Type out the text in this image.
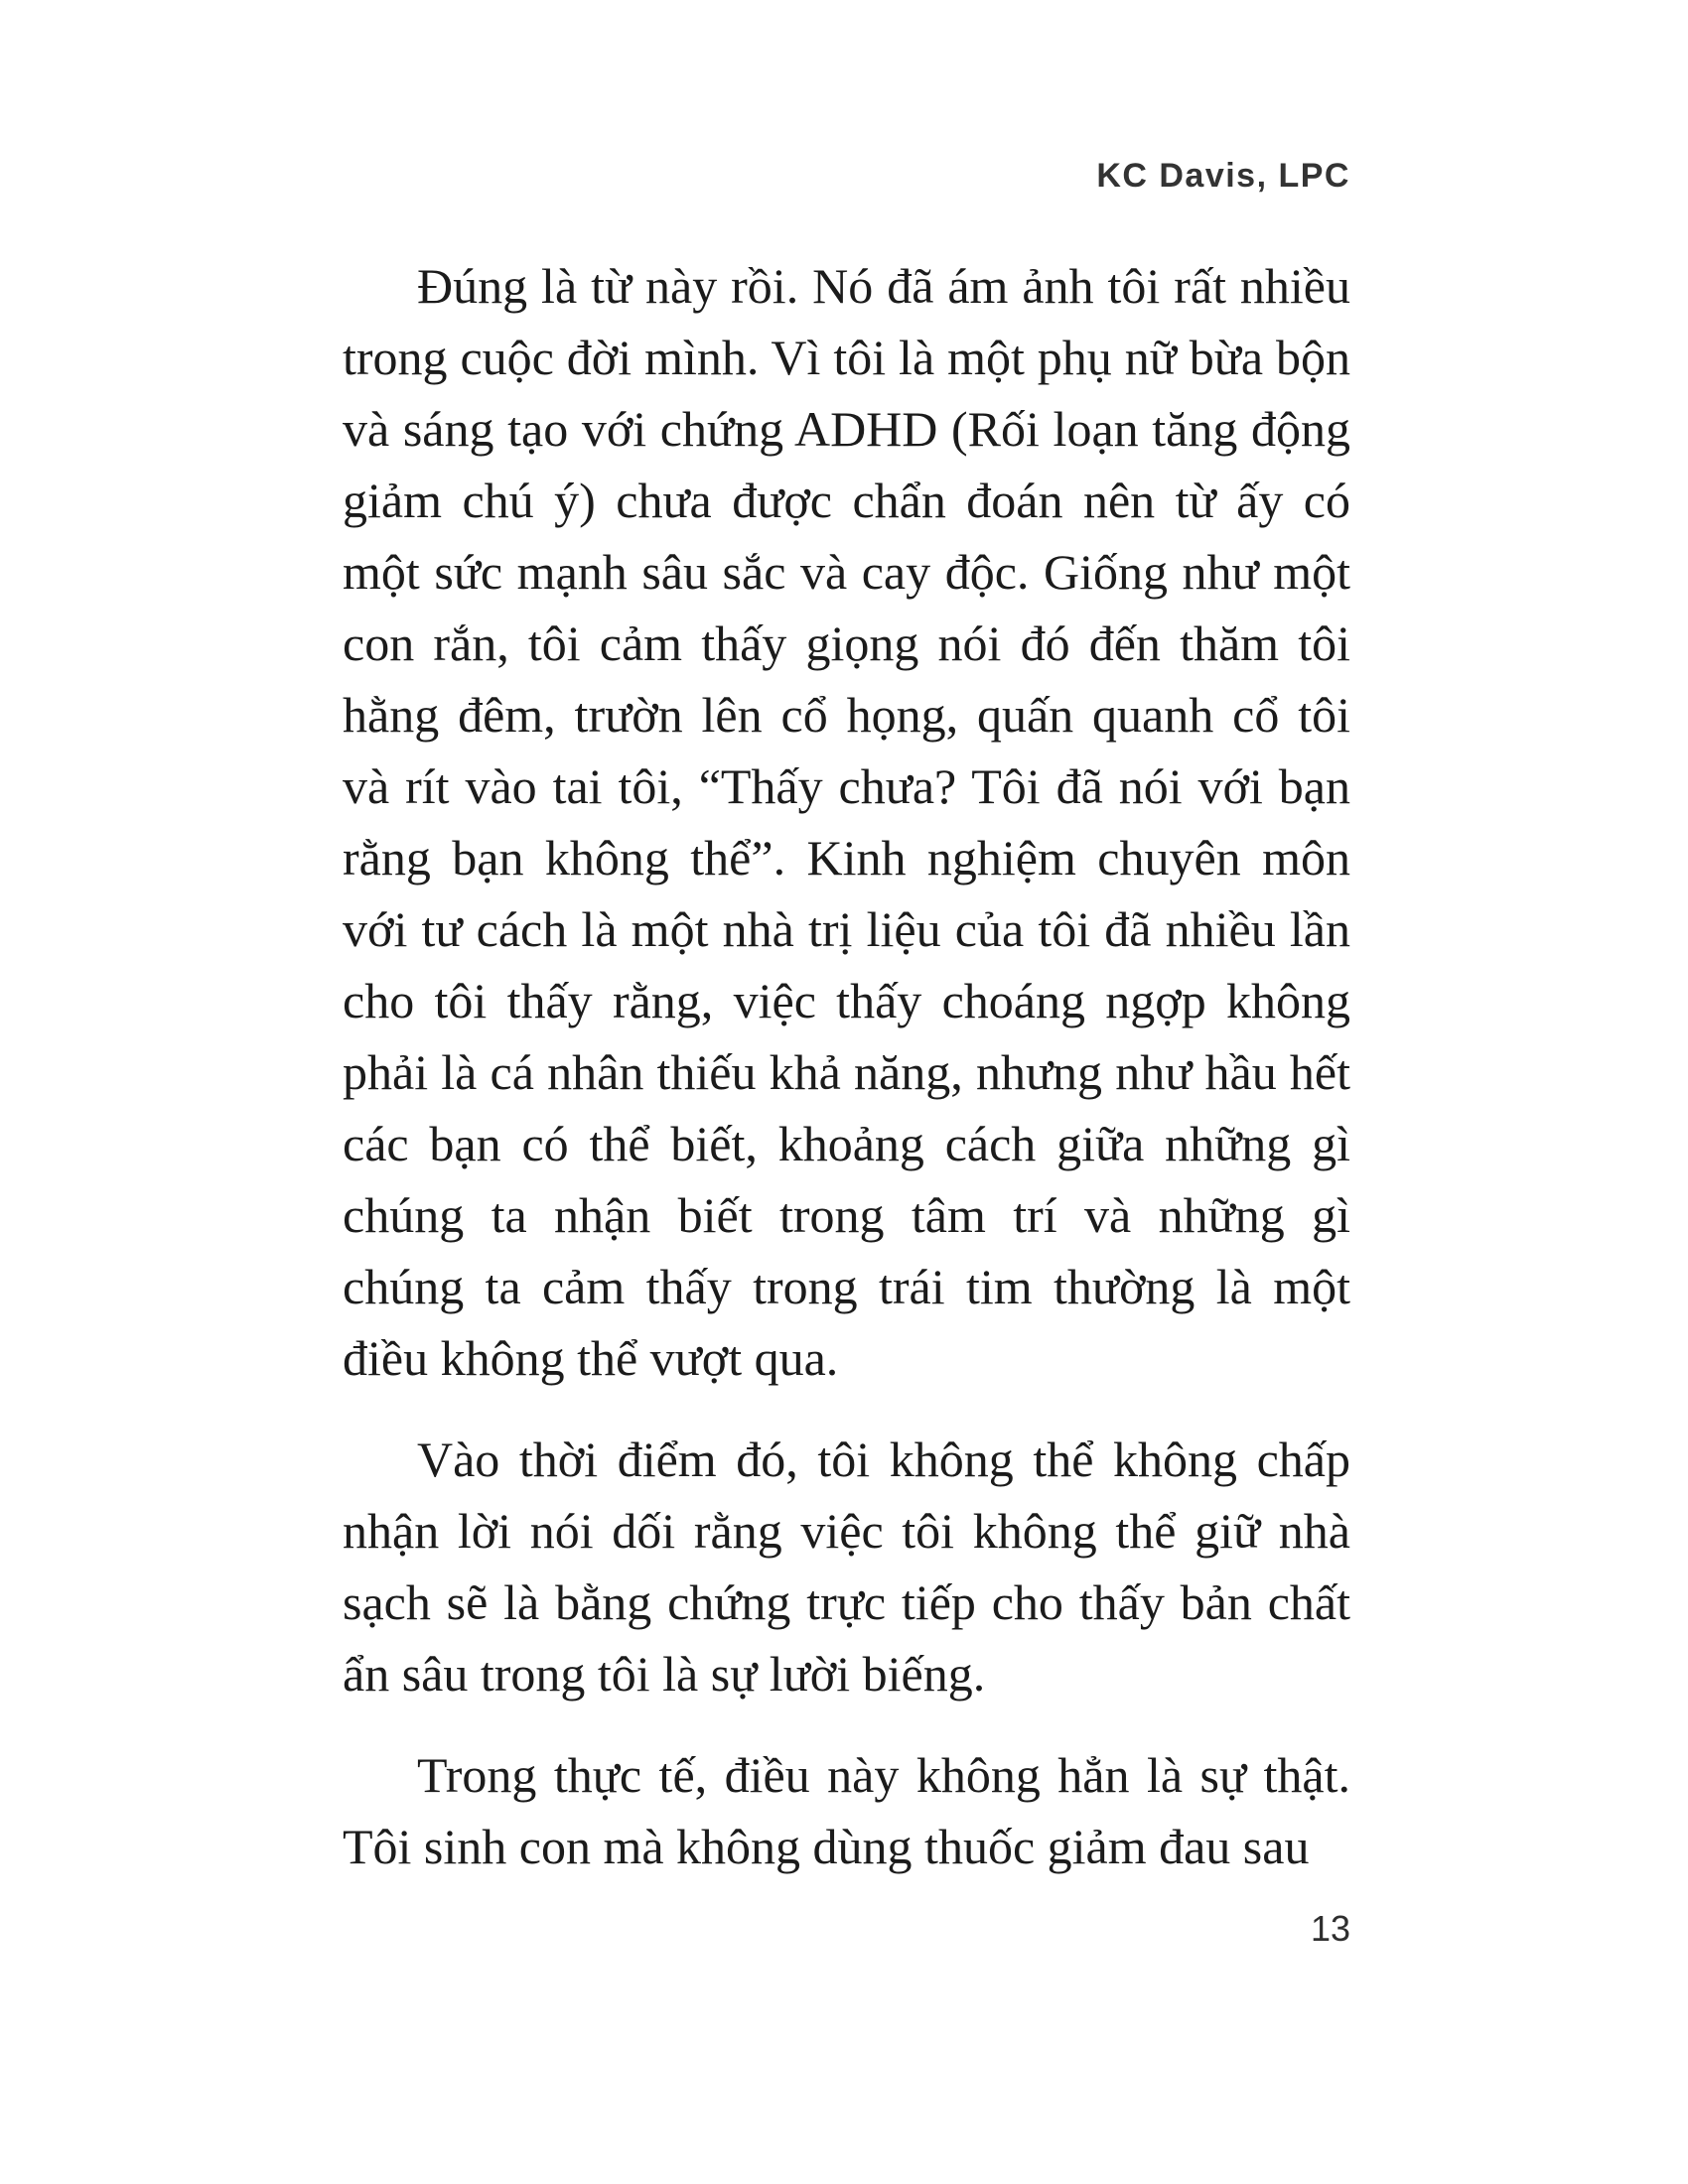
KC Davis, LPC

Đúng là từ này rồi. Nó đã ám ảnh tôi rất nhiều trong cuộc đời mình. Vì tôi là một phụ nữ bừa bộn và sáng tạo với chứng ADHD (Rối loạn tăng động giảm chú ý) chưa được chẩn đoán nên từ ấy có một sức mạnh sâu sắc và cay độc. Giống như một con rắn, tôi cảm thấy giọng nói đó đến thăm tôi hằng đêm, trườn lên cổ họng, quấn quanh cổ tôi và rít vào tai tôi, “Thấy chưa? Tôi đã nói với bạn rằng bạn không thể”. Kinh nghiệm chuyên môn với tư cách là một nhà trị liệu của tôi đã nhiều lần cho tôi thấy rằng, việc thấy choáng ngợp không phải là cá nhân thiếu khả năng, nhưng như hầu hết các bạn có thể biết, khoảng cách giữa những gì chúng ta nhận biết trong tâm trí và những gì chúng ta cảm thấy trong trái tim thường là một điều không thể vượt qua.

Vào thời điểm đó, tôi không thể không chấp nhận lời nói dối rằng việc tôi không thể giữ nhà sạch sẽ là bằng chứng trực tiếp cho thấy bản chất ẩn sâu trong tôi là sự lười biếng.

Trong thực tế, điều này không hẳn là sự thật. Tôi sinh con mà không dùng thuốc giảm đau sau

13
